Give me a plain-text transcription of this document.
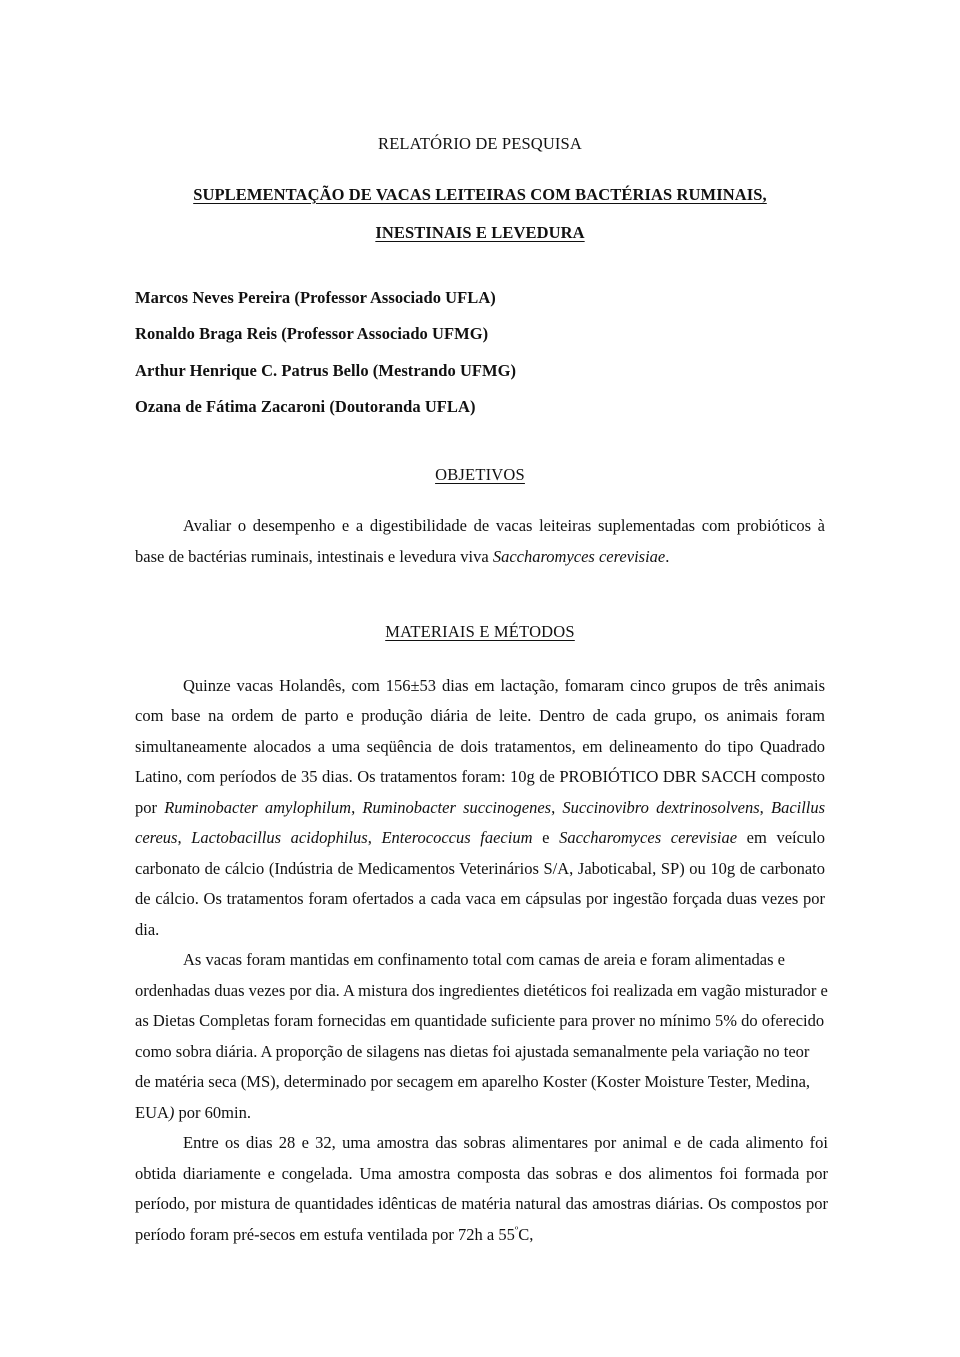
RELATÓRIO DE PESQUISA
SUPLEMENTAÇÃO DE VACAS LEITEIRAS COM BACTÉRIAS RUMINAIS,
INESTINAIS E LEVEDURA
Marcos Neves Pereira (Professor Associado UFLA)
Ronaldo Braga Reis (Professor Associado UFMG)
Arthur Henrique C. Patrus Bello (Mestrando UFMG)
Ozana de Fátima Zacaroni (Doutoranda UFLA)
OBJETIVOS

Avaliar o desempenho e a digestibilidade de vacas leiteiras suplementadas com probióticos à base de bactérias ruminais, intestinais e levedura viva Saccharomyces cerevisiae.

MATERIAIS E MÉTODOS

Quinze vacas Holandês, com 156±53 dias em lactação, fomaram cinco grupos de três animais com base na ordem de parto e produção diária de leite. Dentro de cada grupo, os animais foram simultaneamente alocados a uma seqüência de dois tratamentos, em delineamento do tipo Quadrado Latino, com períodos de 35 dias. Os tratamentos foram: 10g de PROBIÓTICO DBR SACCH composto por Ruminobacter amylophilum, Ruminobacter succinogenes, Succinovibro dextrinosolvens, Bacillus cereus, Lactobacillus acidophilus, Enterococcus faecium e Saccharomyces cerevisiae em veículo carbonato de cálcio (Indústria de Medicamentos Veterinários S/A, Jaboticabal, SP) ou 10g de carbonato de cálcio. Os tratamentos foram ofertados a cada vaca em cápsulas por ingestão forçada duas vezes por dia.

As vacas foram mantidas em confinamento total com camas de areia e foram alimentadas e ordenhadas duas vezes por dia. A mistura dos ingredientes dietéticos foi realizada em vagão misturador e as Dietas Completas foram fornecidas em quantidade suficiente para prover no mínimo 5% do oferecido como sobra diária. A proporção de silagens nas dietas foi ajustada semanalmente pela variação no teor de matéria seca (MS), determinado por secagem em aparelho Koster (Koster Moisture Tester, Medina, EUA) por 60min.

Entre os dias 28 e 32, uma amostra das sobras alimentares por animal e de cada alimento foi obtida diariamente e congelada. Uma amostra composta das sobras e dos alimentos foi formada por período, por mistura de quantidades idênticas de matéria natural das amostras diárias. Os compostos por período foram pré-secos em estufa ventilada por 72h a $55^ºC$,
